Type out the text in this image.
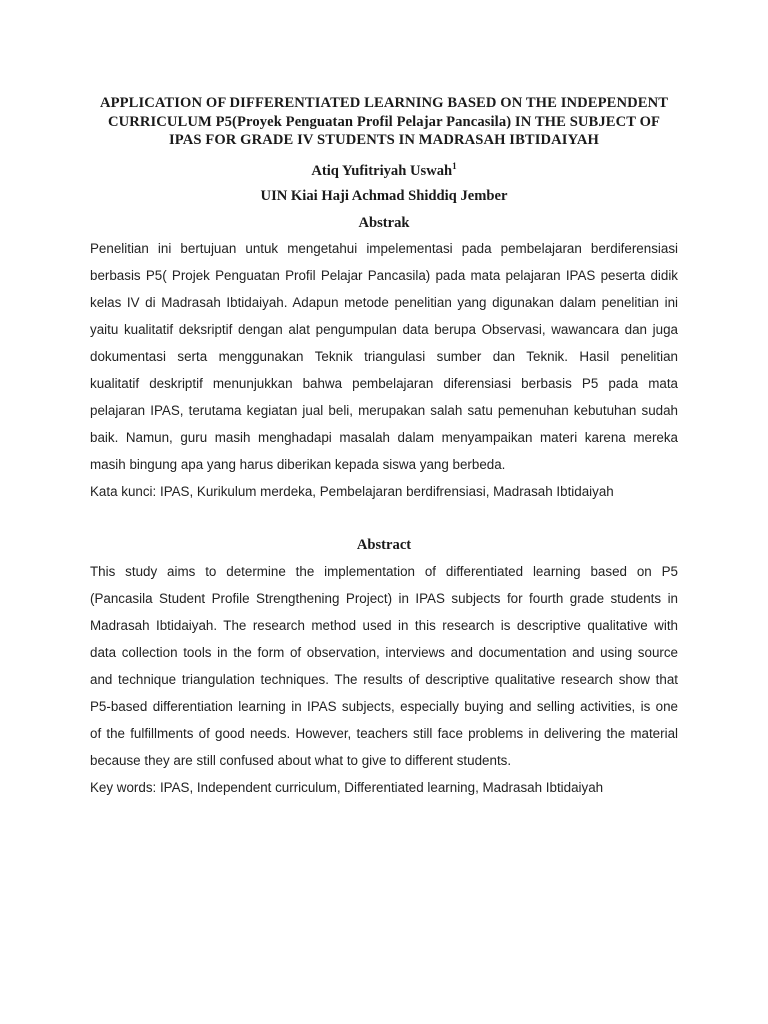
APPLICATION OF DIFFERENTIATED LEARNING BASED ON THE INDEPENDENT
CURRICULUM P5(Proyek Penguatan Profil Pelajar Pancasila) IN THE SUBJECT OF
IPAS FOR GRADE IV STUDENTS IN MADRASAH IBTIDAIYAH
Atiq Yufitriyah Uswah$^1$
UIN Kiai Haji Achmad Shiddiq Jember
Abstrak
Penelitian ini bertujuan untuk mengetahui impelementasi pada pembelajaran berdiferensiasi
berbasis P5( Projek Penguatan Profil Pelajar Pancasila) pada mata pelajaran IPAS peserta didik
kelas IV di Madrasah Ibtidaiyah. Adapun metode penelitian yang digunakan dalam penelitian ini
yaitu kualitatif deksriptif dengan alat pengumpulan data berupa Observasi, wawancara dan juga
dokumentasi serta menggunakan Teknik triangulasi sumber dan Teknik. Hasil penelitian
kualitatif deskriptif menunjukkan bahwa pembelajaran diferensiasi berbasis P5 pada mata
pelajaran IPAS, terutama kegiatan jual beli, merupakan salah satu pemenuhan kebutuhan sudah
baik. Namun, guru masih menghadapi masalah dalam menyampaikan materi karena mereka
masih bingung apa yang harus diberikan kepada siswa yang berbeda.
Kata kunci: IPAS, Kurikulum merdeka, Pembelajaran berdifrensiasi, Madrasah Ibtidaiyah
Abstract
This study aims to determine the implementation of differentiated learning based on P5
(Pancasila Student Profile Strengthening Project) in IPAS subjects for fourth grade students in
Madrasah Ibtidaiyah. The research method used in this research is descriptive qualitative with
data collection tools in the form of observation, interviews and documentation and using source
and technique triangulation techniques. The results of descriptive qualitative research show that
P5-based differentiation learning in IPAS subjects, especially buying and selling activities, is one
of the fulfillments of good needs. However, teachers still face problems in delivering the material
because they are still confused about what to give to different students.
Key words: IPAS, Independent curriculum, Differentiated learning, Madrasah Ibtidaiyah
